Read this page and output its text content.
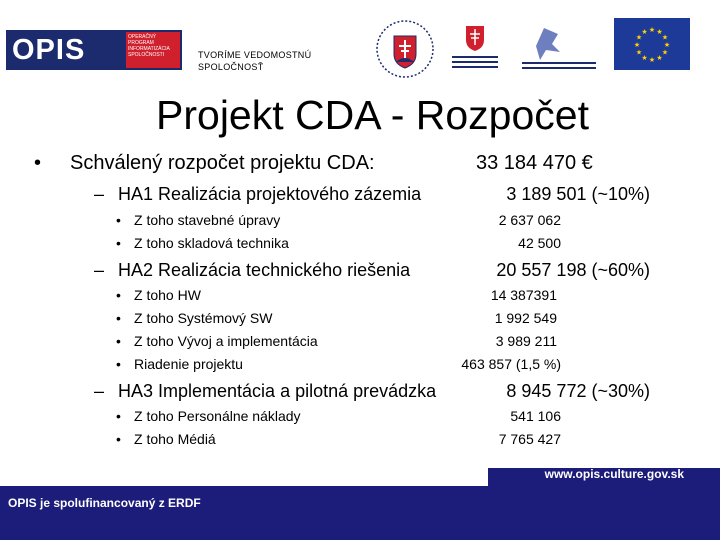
OPIS	OPERAČNÝ
PROGRAM
INFORMATIZÁCIA
SPOLOČNOSTI	TVORÍME VEDOMOSTNÚ
SPOLOČNOSŤ
★
★
★
★
★
★
★
★
★ ★ ★
★
Projekt CDA - Rozpočet
• Schválený rozpočet projektu CDA:	33 184 470 €
– HA1 Realizácia projektového zázemia	3 189 501 (~10%)
• Z toho stavebné úpravy	2 637 062
• Z toho skladová technika	42 500
– HA2 Realizácia technického riešenia	20 557 198 (~60%)
• Z toho HW	14 387391
• Z toho Systémový SW	1 992 549
• Z toho Vývoj a implementácia	3 989 211
• Riadenie projektu	463 857 (1,5 %)
– HA3 Implementácia a pilotná prevádzka	8 945 772 (~30%)
• Z toho Personálne náklady	541 106
• Z toho Médiá	7 765 427
www.opis.culture.gov.sk
OPIS je spolufinancovaný z ERDF
